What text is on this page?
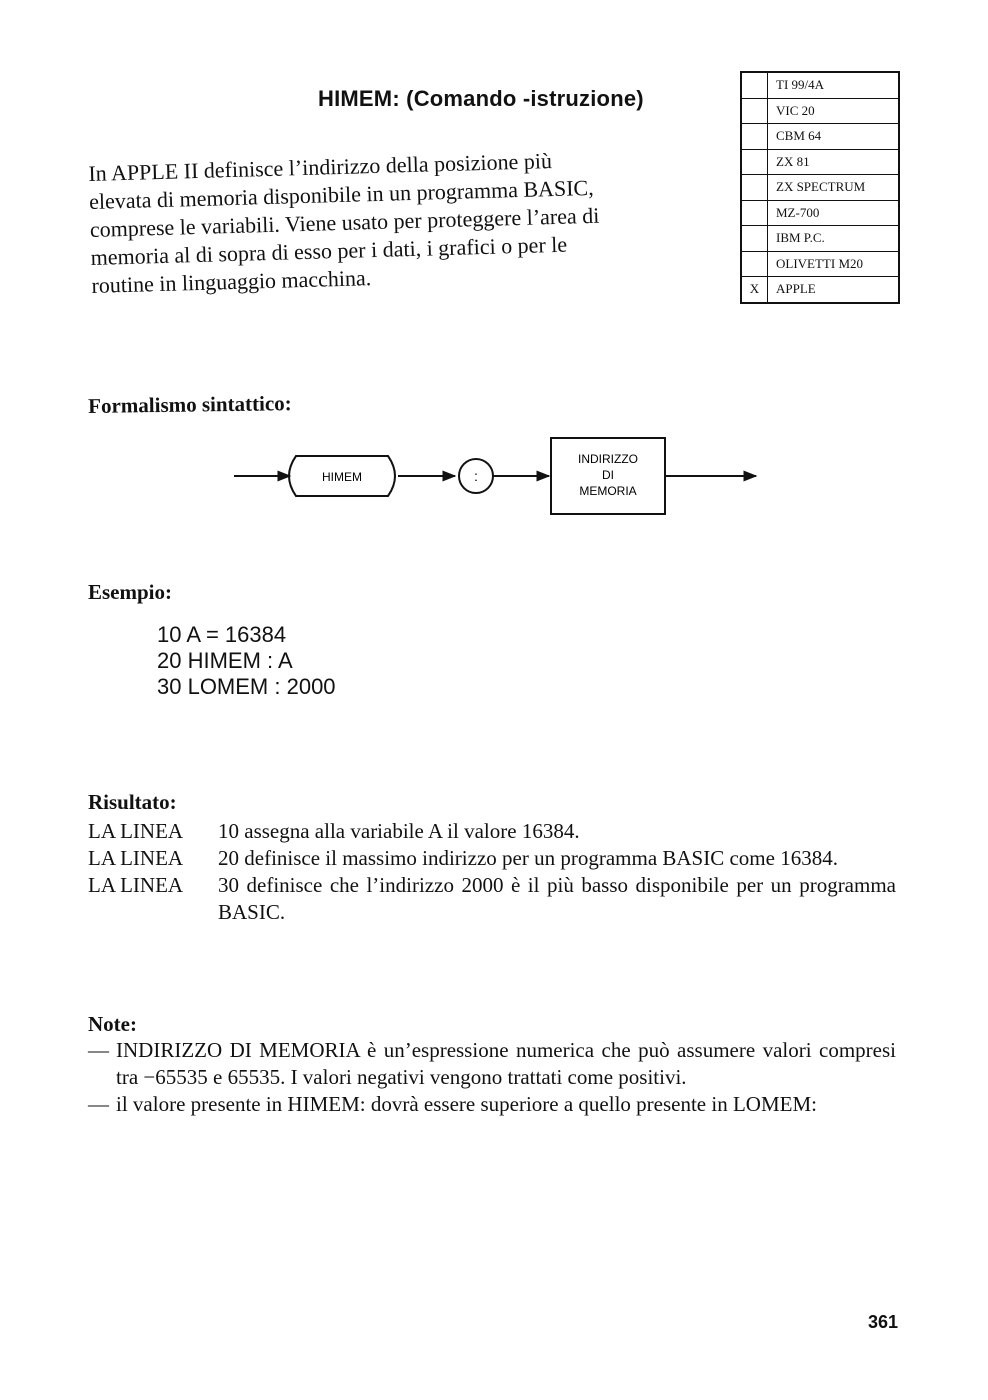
HIMEM: (Comando -istruzione)
In APPLE II definisce l’indirizzo della posizione più
elevata di memoria disponibile in un programma BASIC,
comprese le variabili. Viene usato per proteggere l’area di
memoria al di sopra di esso per i dati, i grafici o per le
routine in linguaggio macchina.
	TI 99/4A
	VIC 20
	CBM 64
	ZX 81
	ZX SPECTRUM
	MZ-700
	IBM P.C.
	OLIVETTI M20
X	APPLE
Formalismo sintattico:
HIMEM	:
INDIRIZZO
DI
MEMORIA
Esempio:
10 A = 16384
20 HIMEM : A
30 LOMEM : 2000
Risultato:
LA LINEA	10 assegna alla variabile A il valore 16384.
LA LINEA	20 definisce il massimo indirizzo per un programma BASIC come 16384.
LA LINEA	30 definisce che l’indirizzo 2000 è il più basso disponibile per un programma BASIC.
Note:
— INDIRIZZO DI MEMORIA è un’espressione numerica che può assumere valori compresi tra −65535 e 65535. I valori negativi vengono trattati come positivi.
— il valore presente in HIMEM: dovrà essere superiore a quello presente in LOMEM:
361
